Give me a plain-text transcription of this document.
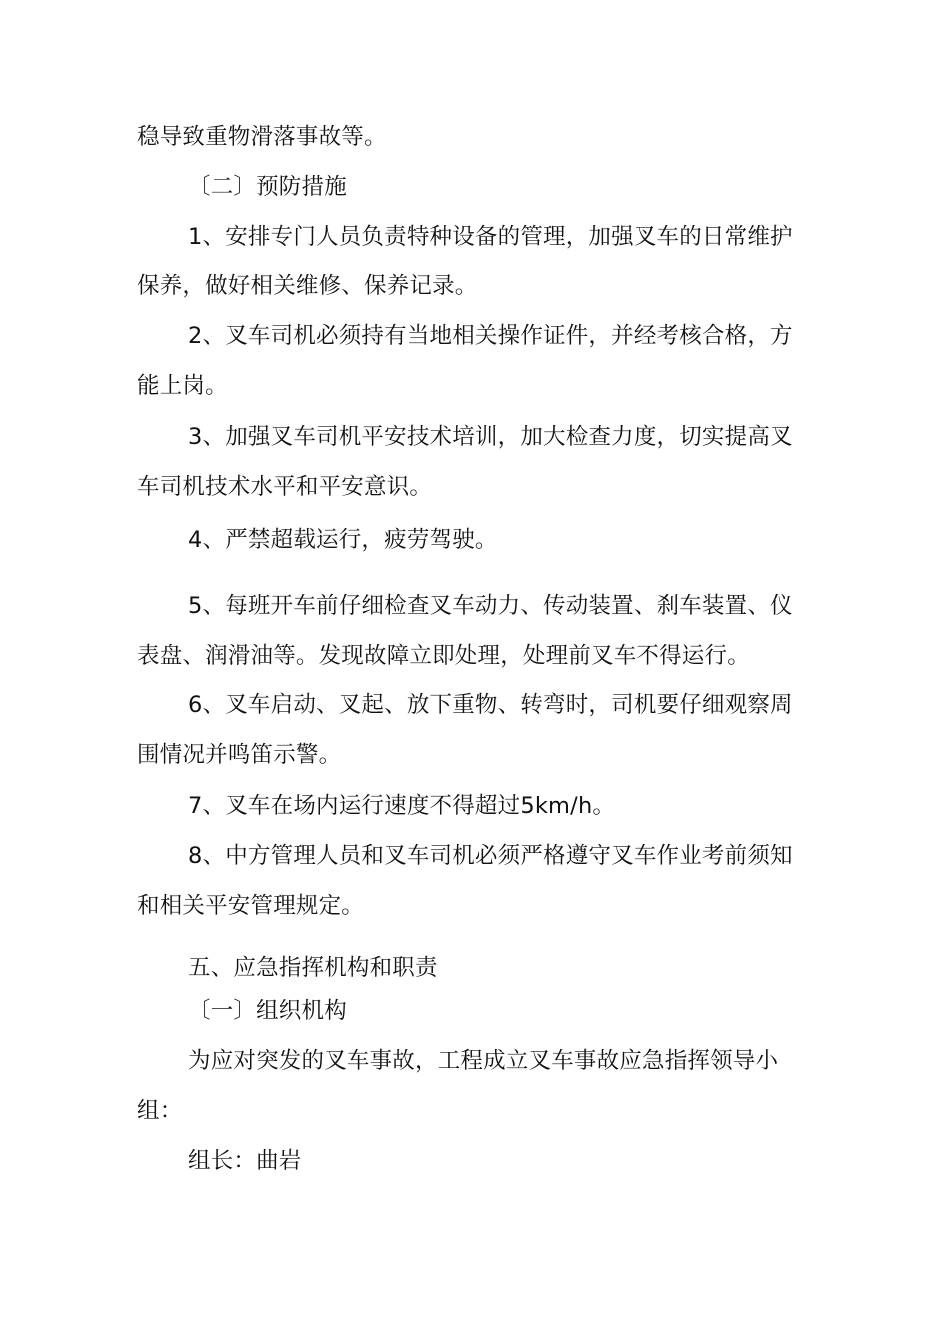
稳导致重物滑落事故等。
〔二〕预防措施
1、安排专门人员负责特种设备的管理，加强叉车的日常维护
保养，做好相关维修、保养记录。
2、叉车司机必须持有当地相关操作证件，并经考核合格，方
能上岗。
3、加强叉车司机平安技术培训，加大检查力度，切实提高叉
车司机技术水平和平安意识。
4、严禁超载运行，疲劳驾驶。
5、每班开车前仔细检查叉车动力、传动装置、刹车装置、仪
表盘、润滑油等。发现故障立即处理，处理前叉车不得运行。
6、叉车启动、叉起、放下重物、转弯时，司机要仔细观察周
围情况并鸣笛示警。
7、叉车在场内运行速度不得超过5km/h。
8、中方管理人员和叉车司机必须严格遵守叉车作业考前须知
和相关平安管理规定。
五、应急指挥机构和职责
〔一〕组织机构
为应对突发的叉车事故，工程成立叉车事故应急指挥领导小
组：
组长：曲岩
